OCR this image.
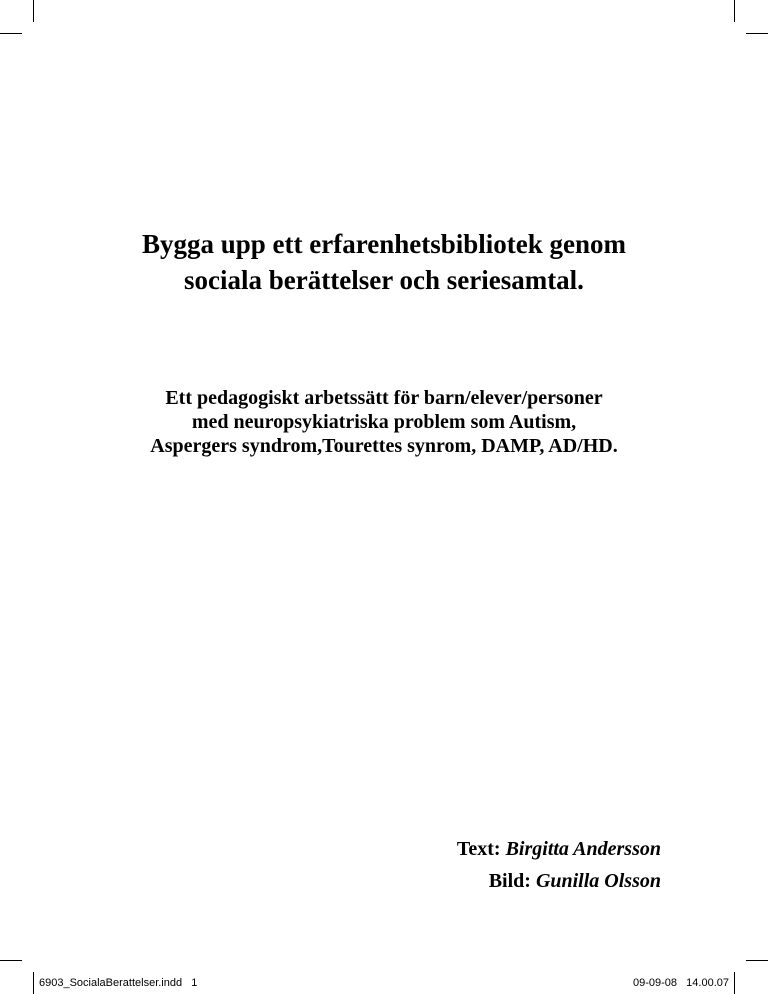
Bygga upp ett erfarenhetsbibliotek genom
sociala berättelser och seriesamtal.

Ett pedagogiskt arbetssätt för barn/elever/personer
med neuropsykiatriska problem som Autism,
Aspergers syndrom,Tourettes synrom, DAMP, AD/HD.

Text: Birgitta Andersson
Bild: Gunilla Olsson
6903_SocialaBerattelser.indd   1	09-09-08   14.00.07
